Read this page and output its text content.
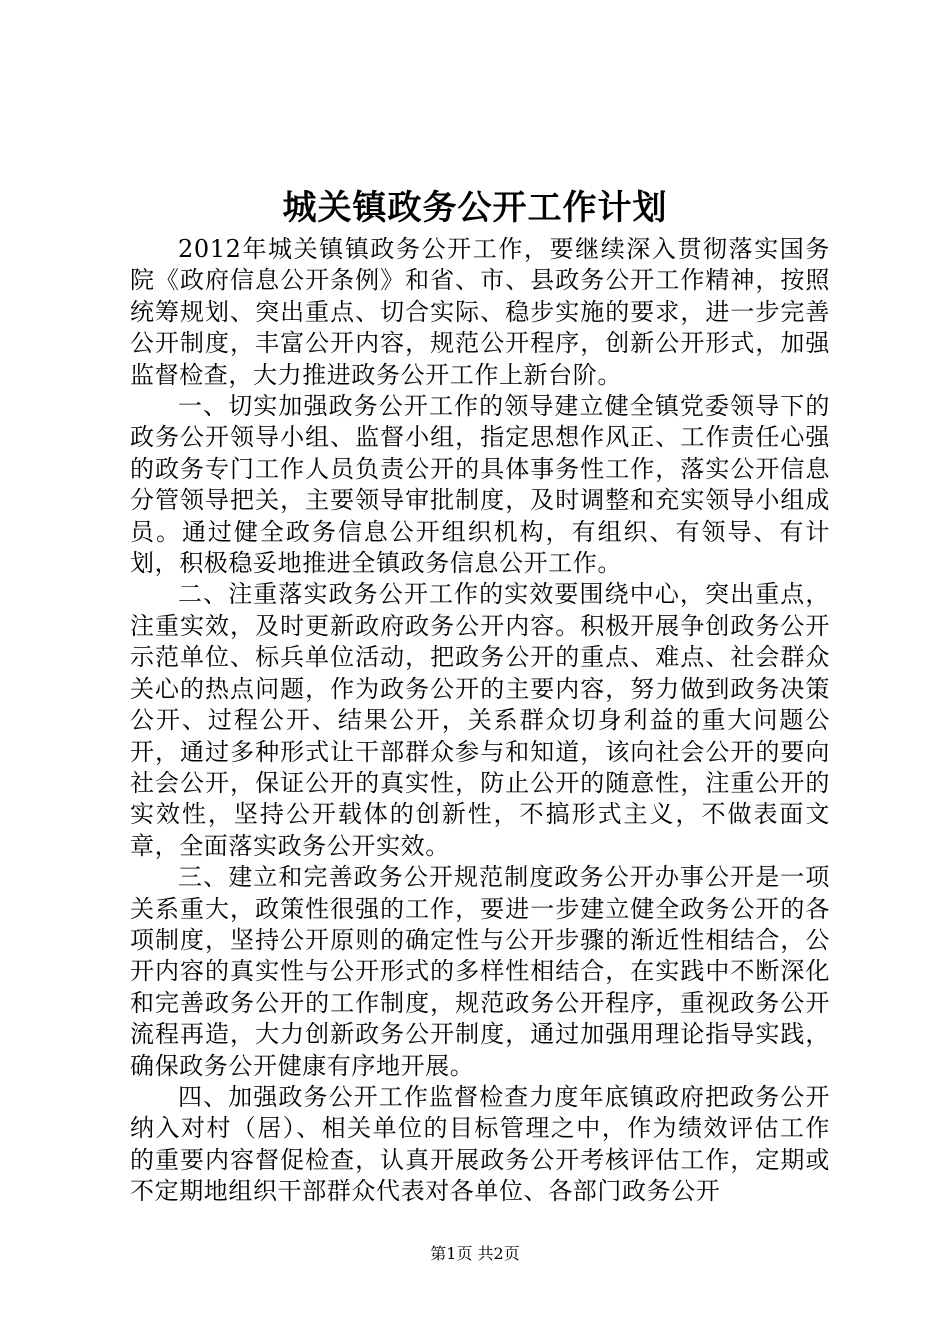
城关镇政务公开工作计划

2012年城关镇镇政务公开工作，要继续深入贯彻落实国务院《政府信息公开条例》和省、市、县政务公开工作精神，按照统筹规划、突出重点、切合实际、稳步实施的要求，进一步完善公开制度，丰富公开内容，规范公开程序，创新公开形式，加强监督检查，大力推进政务公开工作上新台阶。

一、切实加强政务公开工作的领导建立健全镇党委领导下的政务公开领导小组、监督小组，指定思想作风正、工作责任心强的政务专门工作人员负责公开的具体事务性工作，落实公开信息分管领导把关，主要领导审批制度，及时调整和充实领导小组成员。通过健全政务信息公开组织机构，有组织、有领导、有计划，积极稳妥地推进全镇政务信息公开工作。

二、注重落实政务公开工作的实效要围绕中心，突出重点，注重实效，及时更新政府政务公开内容。积极开展争创政务公开示范单位、标兵单位活动，把政务公开的重点、难点、社会群众关心的热点问题，作为政务公开的主要内容，努力做到政务决策公开、过程公开、结果公开，关系群众切身利益的重大问题公开，通过多种形式让干部群众参与和知道，该向社会公开的要向社会公开，保证公开的真实性，防止公开的随意性，注重公开的实效性，坚持公开载体的创新性，不搞形式主义，不做表面文章，全面落实政务公开实效。

三、建立和完善政务公开规范制度政务公开办事公开是一项关系重大，政策性很强的工作，要进一步建立健全政务公开的各项制度，坚持公开原则的确定性与公开步骤的渐近性相结合，公开内容的真实性与公开形式的多样性相结合，在实践中不断深化和完善政务公开的工作制度，规范政务公开程序，重视政务公开流程再造，大力创新政务公开制度，通过加强用理论指导实践，确保政务公开健康有序地开展。

四、加强政务公开工作监督检查力度年底镇政府把政务公开纳入对村（居）、相关单位的目标管理之中，作为绩效评估工作的重要内容督促检查，认真开展政务公开考核评估工作，定期或不定期地组织干部群众代表对各单位、各部门政务公开

第1页 共2页
